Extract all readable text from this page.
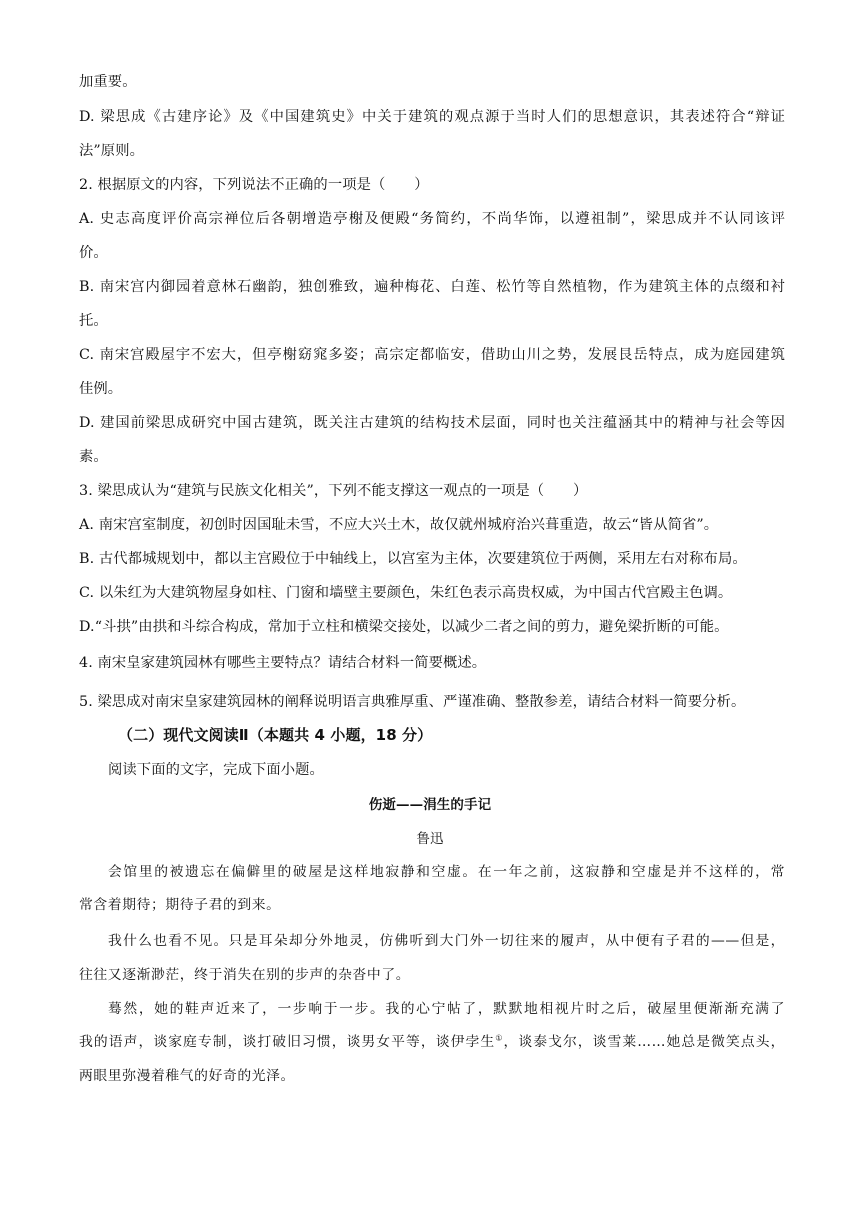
加重要。
D. 梁思成《古建序论》及《中国建筑史》中关于建筑的观点源于当时人们的思想意识，其表述符合“辩证
法”原则。
2. 根据原文的内容，下列说法不正确的一项是（　　）
A. 史志高度评价高宗禅位后各朝增造亭榭及便殿“务简约，不尚华饰，以遵祖制”，梁思成并不认同该评
价。
B. 南宋宫内御园着意林石幽韵，独创雅致，遍种梅花、白莲、松竹等自然植物，作为建筑主体的点缀和衬
托。
C. 南宋宫殿屋宇不宏大，但亭榭窈窕多姿；高宗定都临安，借助山川之势，发展艮岳特点，成为庭园建筑
佳例。
D. 建国前梁思成研究中国古建筑，既关注古建筑的结构技术层面，同时也关注蕴涵其中的精神与社会等因
素。
3. 梁思成认为“建筑与民族文化相关”，下列不能支撑这一观点的一项是（　　）
A. 南宋宫室制度，初创时因国耻未雪，不应大兴土木，故仅就州城府治兴葺重造，故云“皆从简省”。
B. 古代都城规划中，都以主宫殿位于中轴线上，以宫室为主体，次要建筑位于两侧，采用左右对称布局。
C. 以朱红为大建筑物屋身如柱、门窗和墙壁主要颜色，朱红色表示高贵权威，为中国古代宫殿主色调。
D.“斗拱”由拱和斗综合构成，常加于立柱和横梁交接处，以减少二者之间的剪力，避免梁折断的可能。
4. 南宋皇家建筑园林有哪些主要特点？请结合材料一简要概述。
5. 梁思成对南宋皇家建筑园林的阐释说明语言典雅厚重、严谨准确、整散参差，请结合材料一简要分析。
（二）现代文阅读Ⅱ（本题共 4 小题，18 分）
阅读下面的文字，完成下面小题。
伤逝——涓生的手记
鲁迅
会馆里的被遗忘在偏僻里的破屋是这样地寂静和空虚。在一年之前，这寂静和空虚是并不这样的，常
常含着期待；期待子君的到来。
我什么也看不见。只是耳朵却分外地灵，仿佛听到大门外一切往来的履声，从中便有子君的——但是，
往往又逐渐渺茫，终于消失在别的步声的杂沓中了。
蓦然，她的鞋声近来了，一步响于一步。我的心宁帖了，默默地相视片时之后，破屋里便渐渐充满了
我的语声，谈家庭专制，谈打破旧习惯，谈男女平等，谈伊孛生①，谈泰戈尔，谈雪莱……她总是微笑点头，
两眼里弥漫着稚气的好奇的光泽。
